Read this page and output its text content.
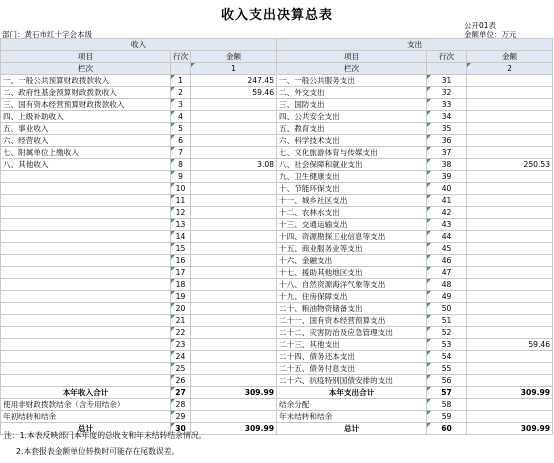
收入支出决算总表
公开01表
部门：黄石市红十字会本级	金额单位：万元
收入			支出		
项目	行次	金额	项目	行次	金额
栏次		1	栏次		2
一、一般公共预算财政拨款收入	1	247.45	一、一般公共服务支出	31	
二、政府性基金预算财政拨款收入	2	59.46	二、外交支出	32	
三、国有资本经营预算财政拨款收入	3		三、国防支出	33	
四、上级补助收入	4		四、公共安全支出	34	
五、事业收入	5		五、教育支出	35	
六、经营收入	6		六、科学技术支出	36	
七、附属单位上缴收入	7		七、文化旅游体育与传媒支出	37	
八、其他收入	8	3.08	八、社会保障和就业支出	38	250.53
	9		九、卫生健康支出	39	
	10		十、节能环保支出	40	
	11		十一、城乡社区支出	41	
	12		十二、农林水支出	42	
	13		十三、交通运输支出	43	
	14		十四、资源勘探工业信息等支出	44	
	15		十五、商业服务业等支出	45	
	16		十六、金融支出	46	
	17		十七、援助其他地区支出	47	
	18		十八、自然资源海洋气象等支出	48	
	19		十九、住房保障支出	49	
	20		二十、粮油物资储备支出	50	
	21		二十一、国有资本经营预算支出	51	
	22		二十二、灾害防治及应急管理支出	52	
	23		二十三、其他支出	53	59.46
	24		二十四、债务还本支出	54	
	25		二十五、债务付息支出	55	
	26		二十六、抗疫特别国债安排的支出	56	
本年收入合计	27	309.99	本年支出合计	57	309.99
使用非财政拨款结余（含专用结余）	28		结余分配	58	
年初结转和结余	29		年末结转和结余	59	
总计	30	309.99	总计	60	309.99
注：1.本表反映部门本年度的总收支和年末结转结余情况。
2.本套报表金额单位转换时可能存在尾数误差。
